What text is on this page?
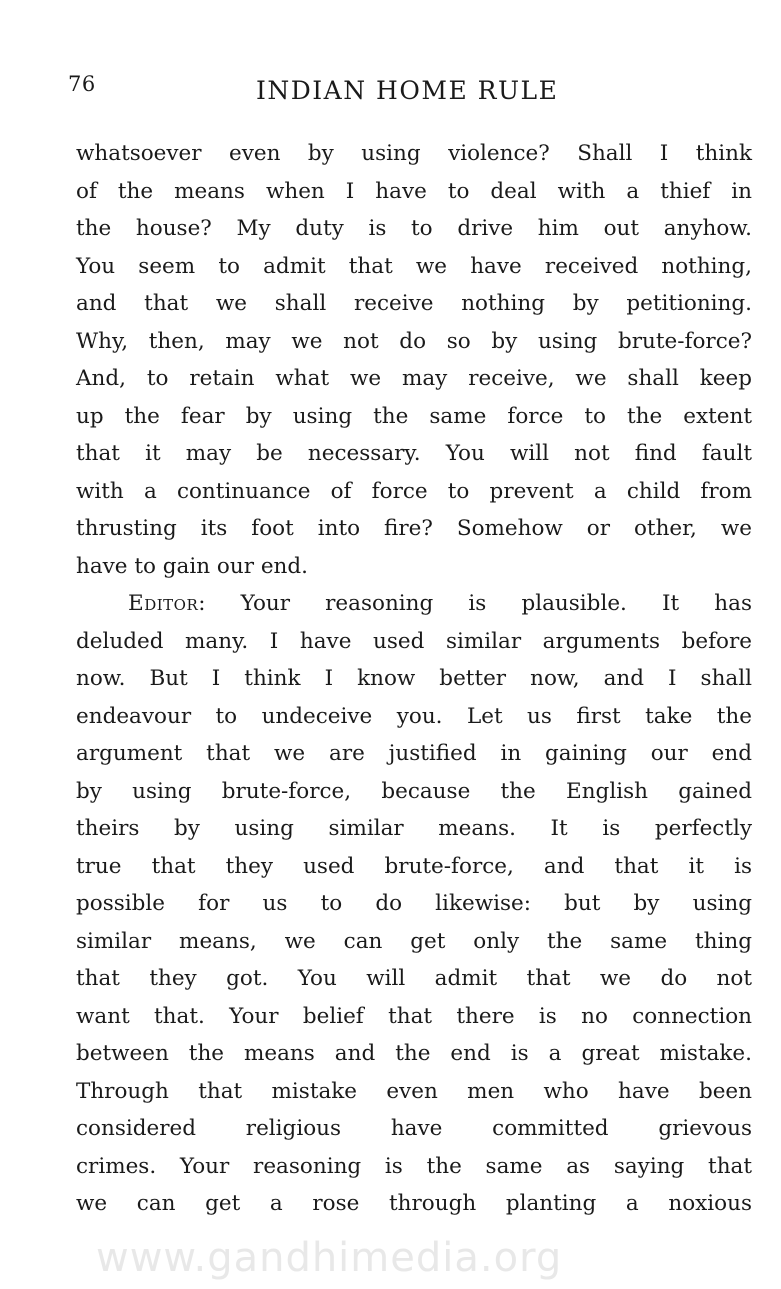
76	INDIAN HOME RULE
whatsoever even by using violence? Shall I think
of the means when I have to deal with a thief in
the house? My duty is to drive him out anyhow.
You seem to admit that we have received nothing,
and that we shall receive nothing by petitioning.
Why, then, may we not do so by using brute-force?
And, to retain what we may receive, we shall keep
up the fear by using the same force to the extent
that it may be necessary. You will not find fault
with a continuance of force to prevent a child from
thrusting its foot into fire? Somehow or other, we
have to gain our end.
Editor: Your reasoning is plausible. It has
deluded many. I have used similar arguments before
now. But I think I know better now, and I shall
endeavour to undeceive you. Let us first take the
argument that we are justified in gaining our end
by using brute-force, because the English gained
theirs by using similar means. It is perfectly
true that they used brute-force, and that it is
possible for us to do likewise: but by using
similar means, we can get only the same thing
that they got. You will admit that we do not
want that. Your belief that there is no connection
between the means and the end is a great mistake.
Through that mistake even men who have been
considered religious have committed grievous
crimes. Your reasoning is the same as saying that
we can get a rose through planting a noxious
www.gandhimedia.org
